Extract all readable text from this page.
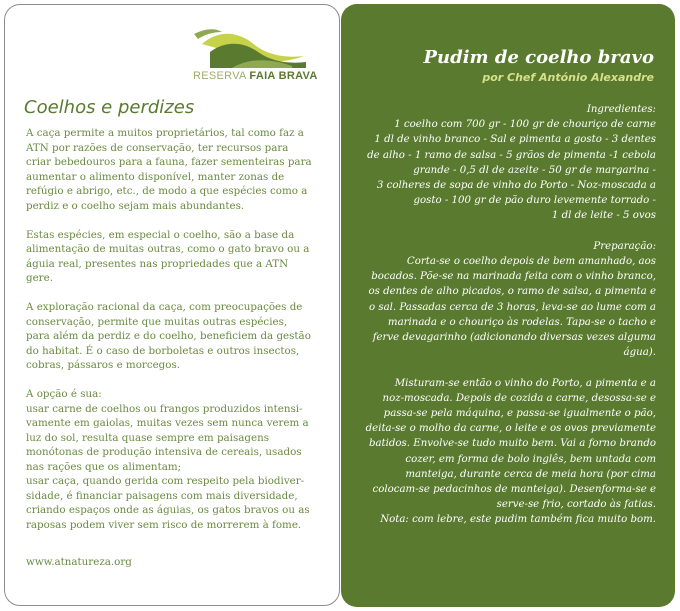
RESERVA FAIA BRAVA
Coelhos e perdizes

A caça permite a muitos proprietários, tal como faz a
ATN por razões de conservação, ter recursos para
criar bebedouros para a fauna, fazer sementeiras para
aumentar o alimento disponível, manter zonas de
refúgio e abrigo, etc., de modo a que espécies como a
perdiz e o coelho sejam mais abundantes.

Estas espécies, em especial o coelho, são a base da
alimentação de muitas outras, como o gato bravo ou a
águia real, presentes nas propriedades que a ATN
gere.

A exploração racional da caça, com preocupações de
conservação, permite que muitas outras espécies,
para além da perdiz e do coelho, beneficiem da gestão
do habitat. É o caso de borboletas e outros insectos,
cobras, pássaros e morcegos.

A opção é sua:
usar carne de coelhos ou frangos produzidos intensi-
vamente em gaiolas, muitas vezes sem nunca verem a
luz do sol, resulta quase sempre em paisagens
monótonas de produção intensiva de cereais, usados
nas rações que os alimentam;
usar caça, quando gerida com respeito pela biodiver-
sidade, é financiar paisagens com mais diversidade,
criando espaços onde as águias, os gatos bravos ou as
raposas podem viver sem risco de morrerem à fome.

www.atnatureza.org
Pudim de coelho bravo
por Chef António Alexandre

Ingredientes:
1 coelho com 700 gr - 100 gr de chouriço de carne
1 dl de vinho branco - Sal e pimenta a gosto - 3 dentes
de alho - 1 ramo de salsa - 5 grãos de pimenta -1 cebola
grande - 0,5 dl de azeite - 50 gr de margarina -
3 colheres de sopa de vinho do Porto - Noz-moscada a
gosto - 100 gr de pão duro levemente torrado -
1 dl de leite - 5 ovos

Preparação:
Corta-se o coelho depois de bem amanhado, aos
bocados. Põe-se na marinada feita com o vinho branco,
os dentes de alho picados, o ramo de salsa, a pimenta e
o sal. Passadas cerca de 3 horas, leva-se ao lume com a
marinada e o chouriço às rodelas. Tapa-se o tacho e
ferve devagarinho (adicionando diversas vezes alguma
água).

Misturam-se então o vinho do Porto, a pimenta e a
noz-moscada. Depois de cozida a carne, desossa-se e
passa-se pela máquina, e passa-se igualmente o pão,
deita-se o molho da carne, o leite e os ovos previamente
batidos. Envolve-se tudo muito bem. Vai a forno brando
cozer, em forma de bolo inglês, bem untada com
manteiga, durante cerca de meia hora (por cima
colocam-se pedacinhos de manteiga). Desenforma-se e
serve-se frio, cortado às fatias.

Nota: com lebre, este pudim também fica muito bom.
